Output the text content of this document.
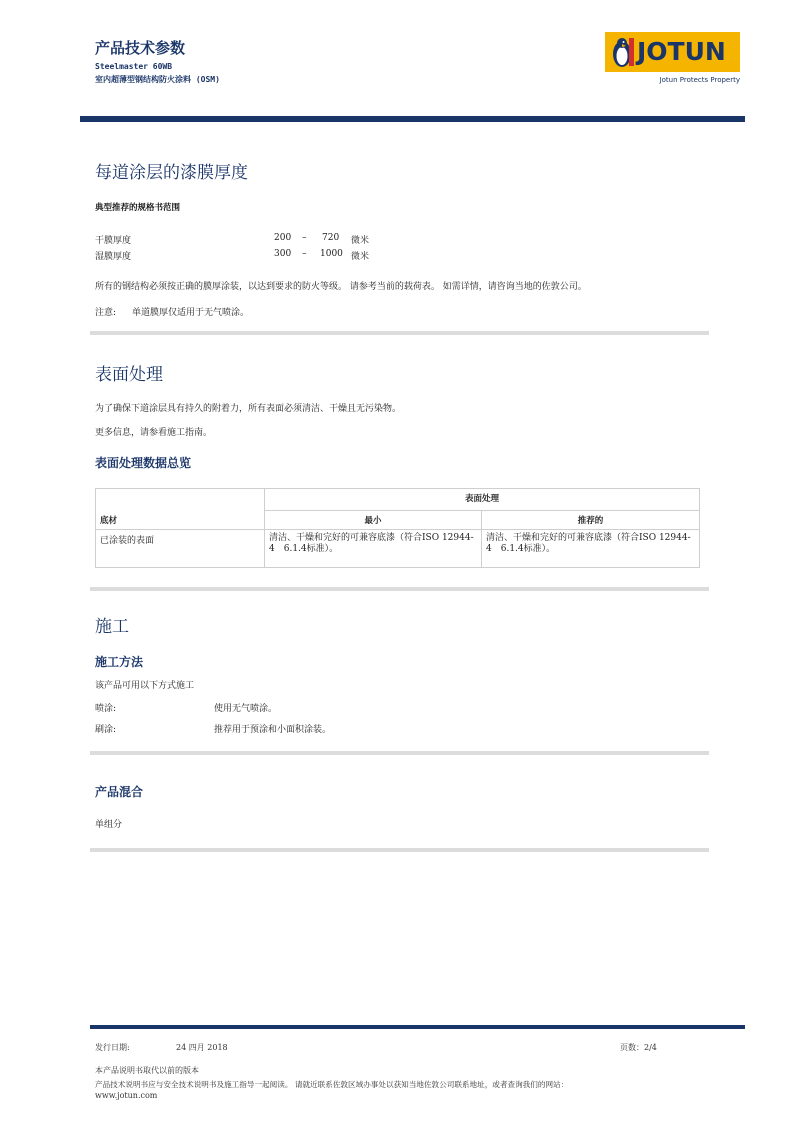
产品技术参数
Steelmaster 60WB
室内超薄型钢结构防火涂料 (OSM)
JOTUN
Jotun Protects Property
每道涂层的漆膜厚度
典型推荐的规格书范围
干膜厚度	200 – 720 微米
湿膜厚度	300 – 1000 微米
所有的钢结构必须按正确的膜厚涂装，以达到要求的防火等级。 请参考当前的载荷表。 如需详情，请咨询当地的佐敦公司。
注意: 单道膜厚仅适用于无气喷涂。
表面处理
为了确保下道涂层具有持久的附着力，所有表面必须清洁、干燥且无污染物。
更多信息，请参看施工指南。
表面处理数据总览
	表面处理	
底材	最小	推荐的
已涂装的表面	清洁、干燥和完好的可兼容底漆（符合ISO 12944-4　6.1.4标准）。	清洁、干燥和完好的可兼容底漆（符合ISO 12944-4　6.1.4标准）。
施工
施工方法
该产品可用以下方式施工
喷涂:	使用无气喷涂。
刷涂:	推荐用于预涂和小面积涂装。
产品混合
单组分
发行日期:	24 四月 2018	页数：2/4
本产品说明书取代以前的版本
产品技术说明书应与安全技术说明书及施工指导一起阅读。 请就近联系佐敦区域办事处以获知当地佐敦公司联系地址，或者查询我们的网站：
www.jotun.com
